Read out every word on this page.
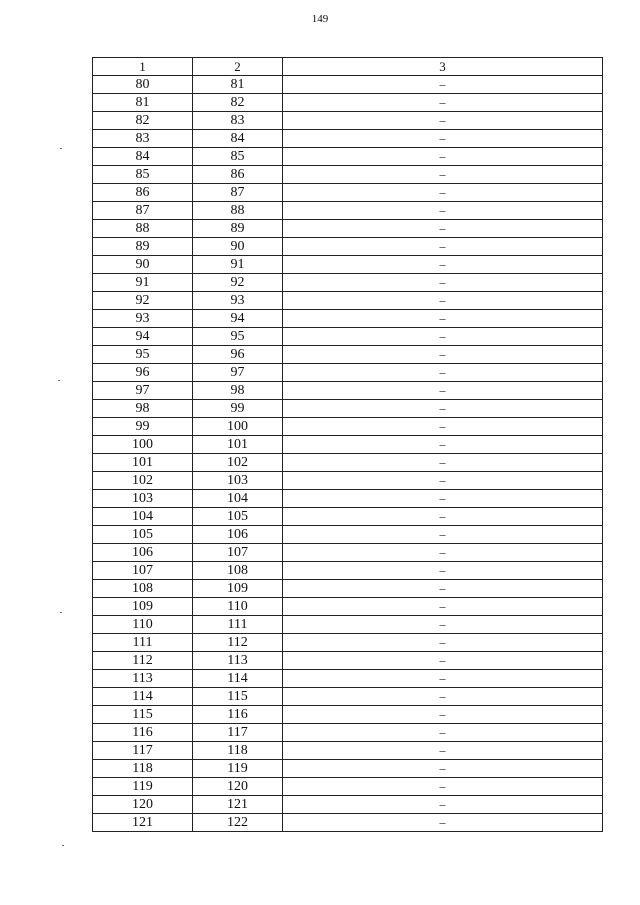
149
1	2	3
80	81	–
81	82	–
82	83	–
83	84	–
84	85	–
85	86	–
86	87	–
87	88	–
88	89	–
89	90	–
90	91	–
91	92	–
92	93	–
93	94	–
94	95	–
95	96	–
96	97	–
97	98	–
98	99	–
99	100	–
100	101	–
101	102	–
102	103	–
103	104	–
104	105	–
105	106	–
106	107	–
107	108	–
108	109	–
109	110	–
110	111	–
111	112	–
112	113	–
113	114	–
114	115	–
115	116	–
116	117	–
117	118	–
118	119	–
119	120	–
120	121	–
121	122	–
